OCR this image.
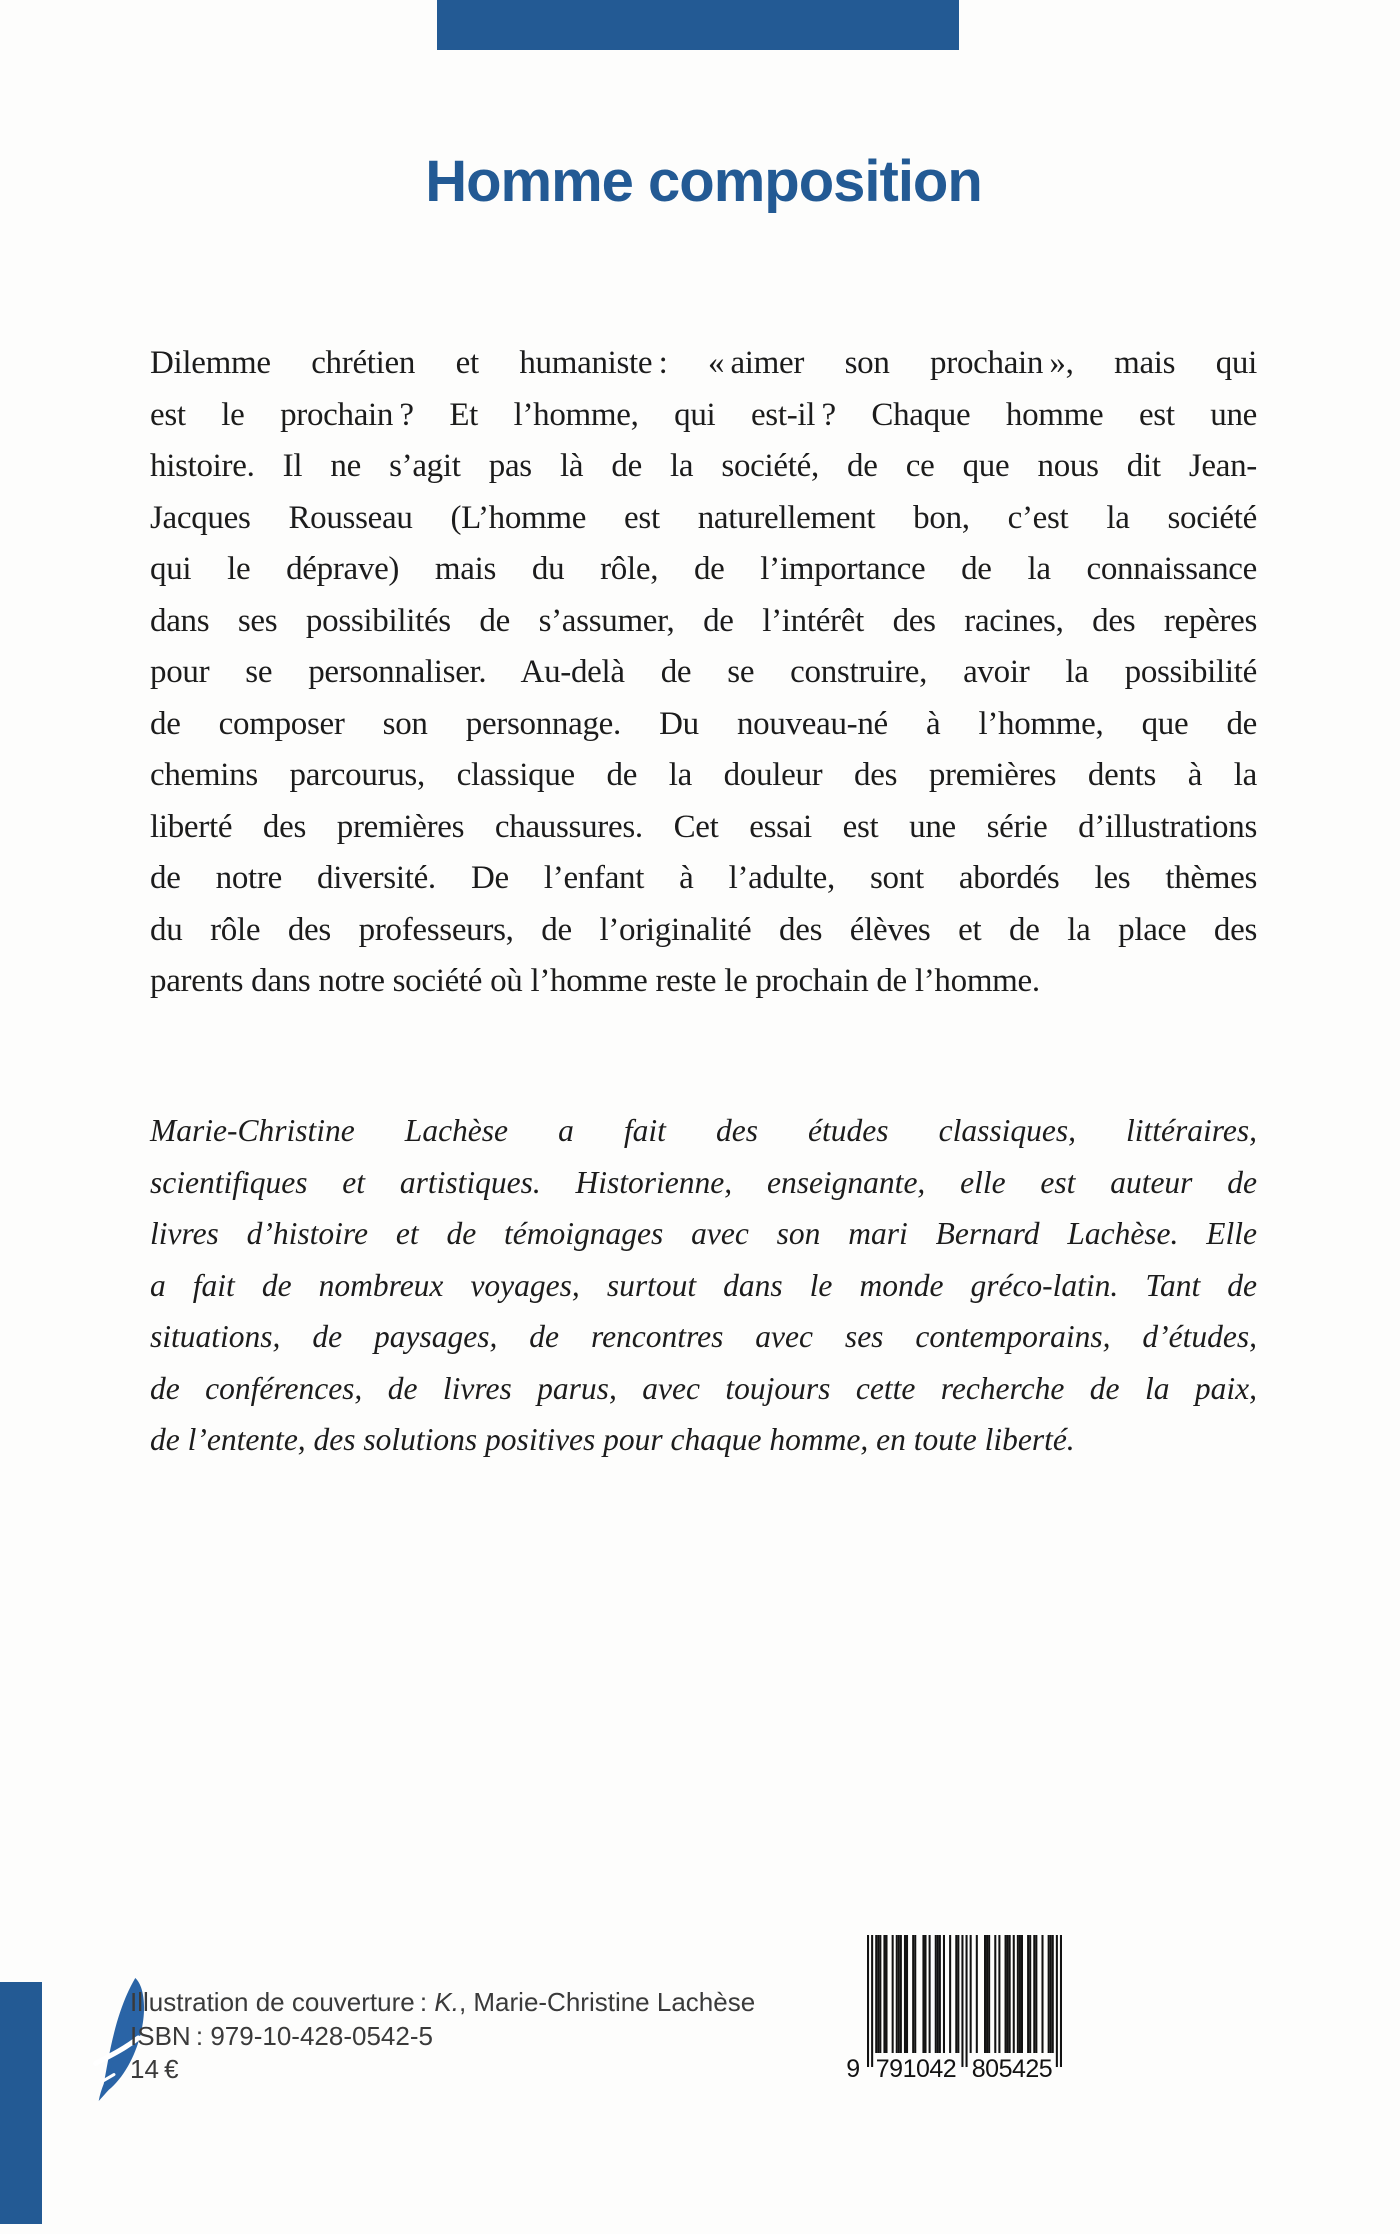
Homme composition
Dilemme chrétien et humaniste : « aimer son prochain », mais qui
est le prochain ? Et l’homme, qui est-il ? Chaque homme est une
histoire. Il ne s’agit pas là de la société, de ce que nous dit Jean-
Jacques Rousseau (L’homme est naturellement bon, c’est la société
qui le déprave) mais du rôle, de l’importance de la connaissance
dans ses possibilités de s’assumer, de l’intérêt des racines, des repères
pour se personnaliser. Au-delà de se construire, avoir la possibilité
de composer son personnage. Du nouveau-né à l’homme, que de
chemins parcourus, classique de la douleur des premières dents à la
liberté des premières chaussures. Cet essai est une série d’illustrations
de notre diversité. De l’enfant à l’adulte, sont abordés les thèmes
du rôle des professeurs, de l’originalité des élèves et de la place des
parents dans notre société où l’homme reste le prochain de l’homme.
Marie-Christine Lachèse a fait des études classiques, littéraires,
scientifiques et artistiques. Historienne, enseignante, elle est auteur de
livres d’histoire et de témoignages avec son mari Bernard Lachèse. Elle
a fait de nombreux voyages, surtout dans le monde gréco-latin. Tant de
situations, de paysages, de rencontres avec ses contemporains, d’études,
de conférences, de livres parus, avec toujours cette recherche de la paix,
de l’entente, des solutions positives pour chaque homme, en toute liberté.
Illustration de couverture : K., Marie-Christine Lachèse
ISBN : 979-10-428-0542-5
14 €	9 791042 805425
